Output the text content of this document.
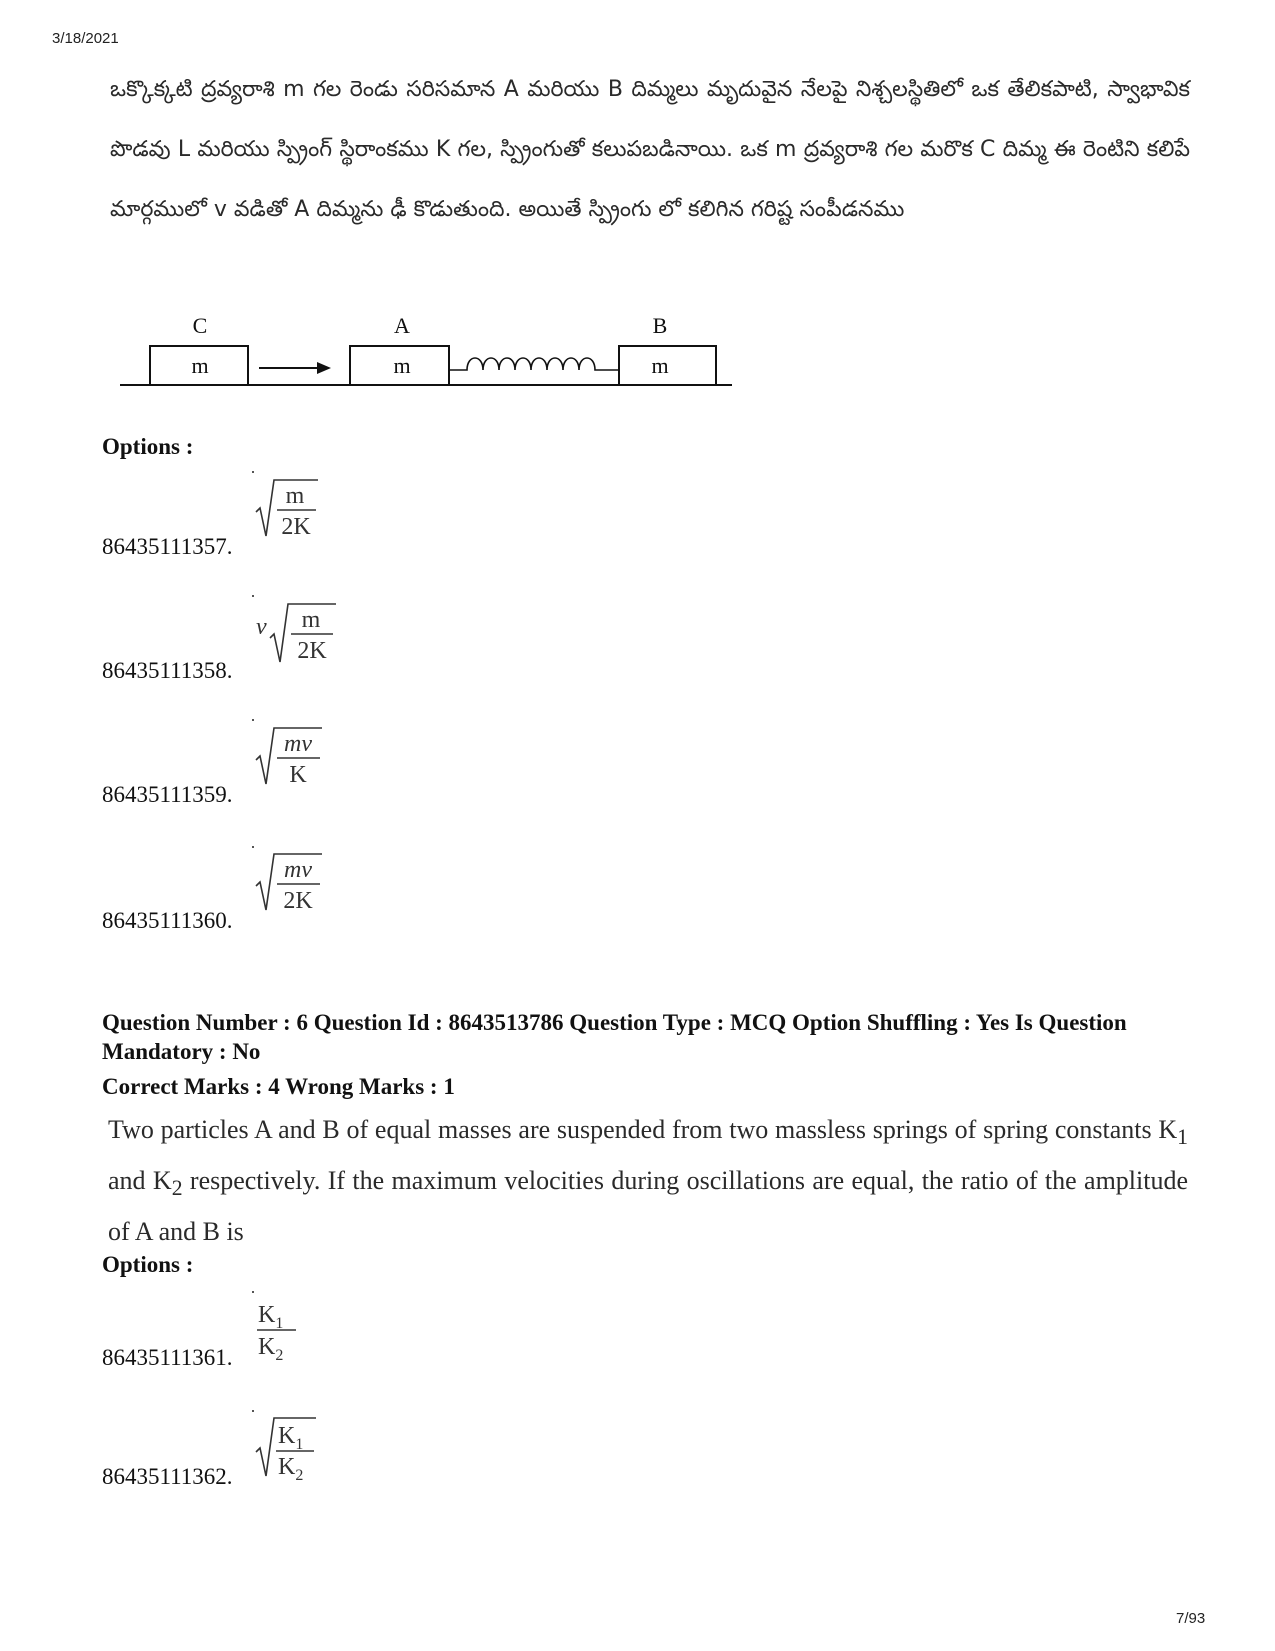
3/18/2021
7/93
ఒక్కొక్కటి ద్రవ్యరాశి m గల రెండు సరిసమాన A మరియు B దిమ్మలు మృదువైన నేలపై నిశ్చలస్థితిలో ఒక తేలికపాటి, స్వాభావిక పొడవు L మరియు స్ప్రింగ్ స్థిరాంకము K గల, స్ప్రింగుతో కలుపబడినాయి. ఒక m ద్రవ్యరాశి గల మరొక C దిమ్మ ఈ రెంటిని కలిపే మార్గములో v వడితో A దిమ్మను ఢీ కొడుతుంది. అయితే స్ప్రింగు లో కలిగిన గరిష్ట సంపీడనము
C	A	B
m	m	m
Options :
m
2K
86435111357.
v m
2K
86435111358.
mv
K
86435111359.
mv
2K
86435111360.
Question Number : 6 Question Id : 8643513786 Question Type : MCQ Option Shuffling : Yes Is Question Mandatory : No
Correct Marks : 4 Wrong Marks : 1
Two particles A and B of equal masses are suspended from two massless springs of spring constants $K_1$ and $K_2$ respectively. If the maximum velocities during oscillations are equal, the ratio of the amplitude of A and B is
Options :
$K_1$
$K_2$
86435111361.
$K_1$
$K_2$
86435111362.
